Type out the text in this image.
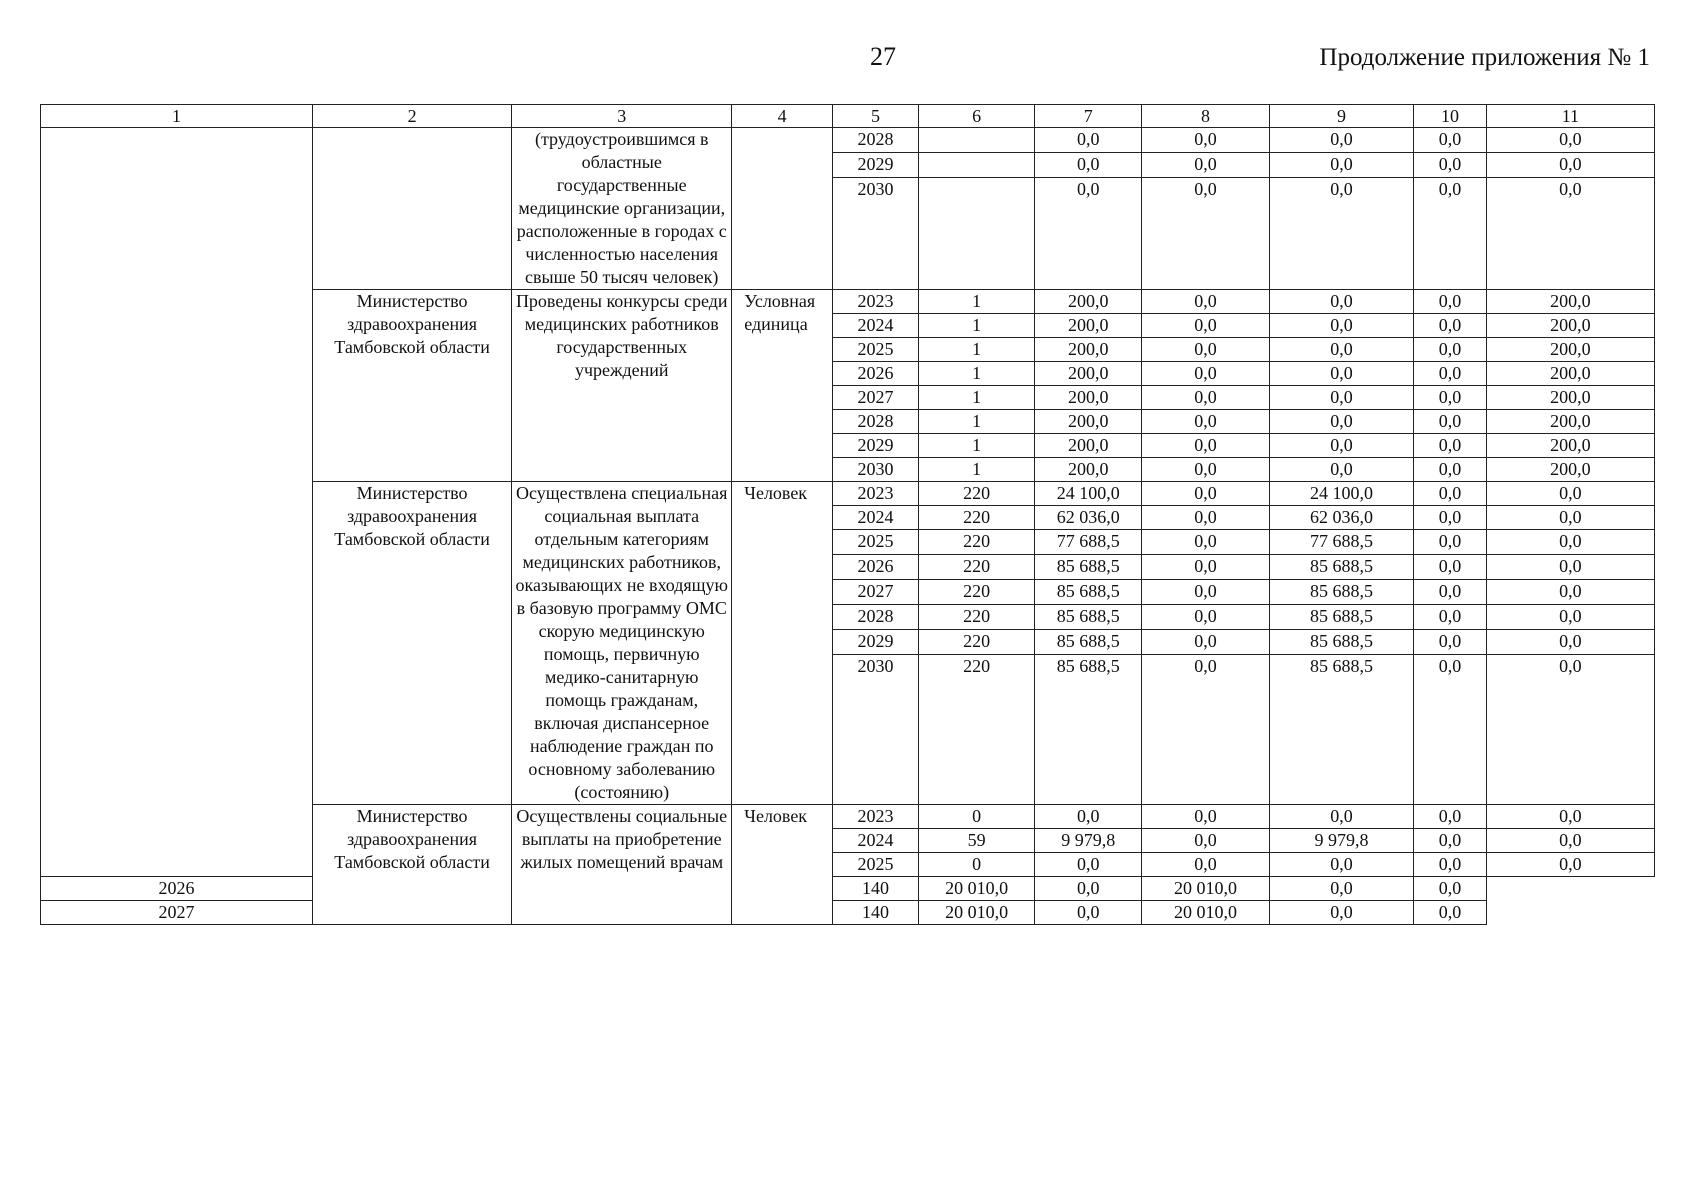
27	Продолжение приложения № 1
1	2	3	4	5	6	7	8	9	10	11
		(трудоустроившимся в областные государственные медицинские организации, расположенные в городах с численностью населения свыше 50 тысяч человек)		2028		0,0	0,0	0,0	0,0	0,0
				2029		0,0	0,0	0,0	0,0	0,0
				2030		0,0	0,0	0,0	0,0	0,0
	Министерство здравоохранения Тамбовской области	Проведены конкурсы среди медицинских работников государственных учреждений	Условная единица	2023	1	200,0	0,0	0,0	0,0	200,0
				2024	1	200,0	0,0	0,0	0,0	200,0
				2025	1	200,0	0,0	0,0	0,0	200,0
				2026	1	200,0	0,0	0,0	0,0	200,0
				2027	1	200,0	0,0	0,0	0,0	200,0
				2028	1	200,0	0,0	0,0	0,0	200,0
				2029	1	200,0	0,0	0,0	0,0	200,0
				2030	1	200,0	0,0	0,0	0,0	200,0
	Министерство здравоохранения Тамбовской области	Осуществлена специальная социальная выплата отдельным категориям медицинских работников, оказывающих не входящую в базовую программу ОМС скорую медицинскую помощь, первичную медико-санитарную помощь гражданам, включая диспансерное наблюдение граждан по основному заболеванию (состоянию)	Человек	2023	220	24 100,0	0,0	24 100,0	0,0	0,0
				2024	220	62 036,0	0,0	62 036,0	0,0	0,0
				2025	220	77 688,5	0,0	77 688,5	0,0	0,0
				2026	220	85 688,5	0,0	85 688,5	0,0	0,0
				2027	220	85 688,5	0,0	85 688,5	0,0	0,0
				2028	220	85 688,5	0,0	85 688,5	0,0	0,0
				2029	220	85 688,5	0,0	85 688,5	0,0	0,0
				2030	220	85 688,5	0,0	85 688,5	0,0	0,0
	Министерство здравоохранения Тамбовской области	Осуществлены социальные выплаты на приобретение жилых помещений врачам	Человек	2023	0	0,0	0,0	0,0	0,0	0,0
				2024	59	9 979,8	0,0	9 979,8	0,0	0,0
				2025	0	0,0	0,0	0,0	0,0	0,0
2026				140	20 010,0	0,0	20 010,0	0,0	0,0	
2027				140	20 010,0	0,0	20 010,0	0,0	0,0	
